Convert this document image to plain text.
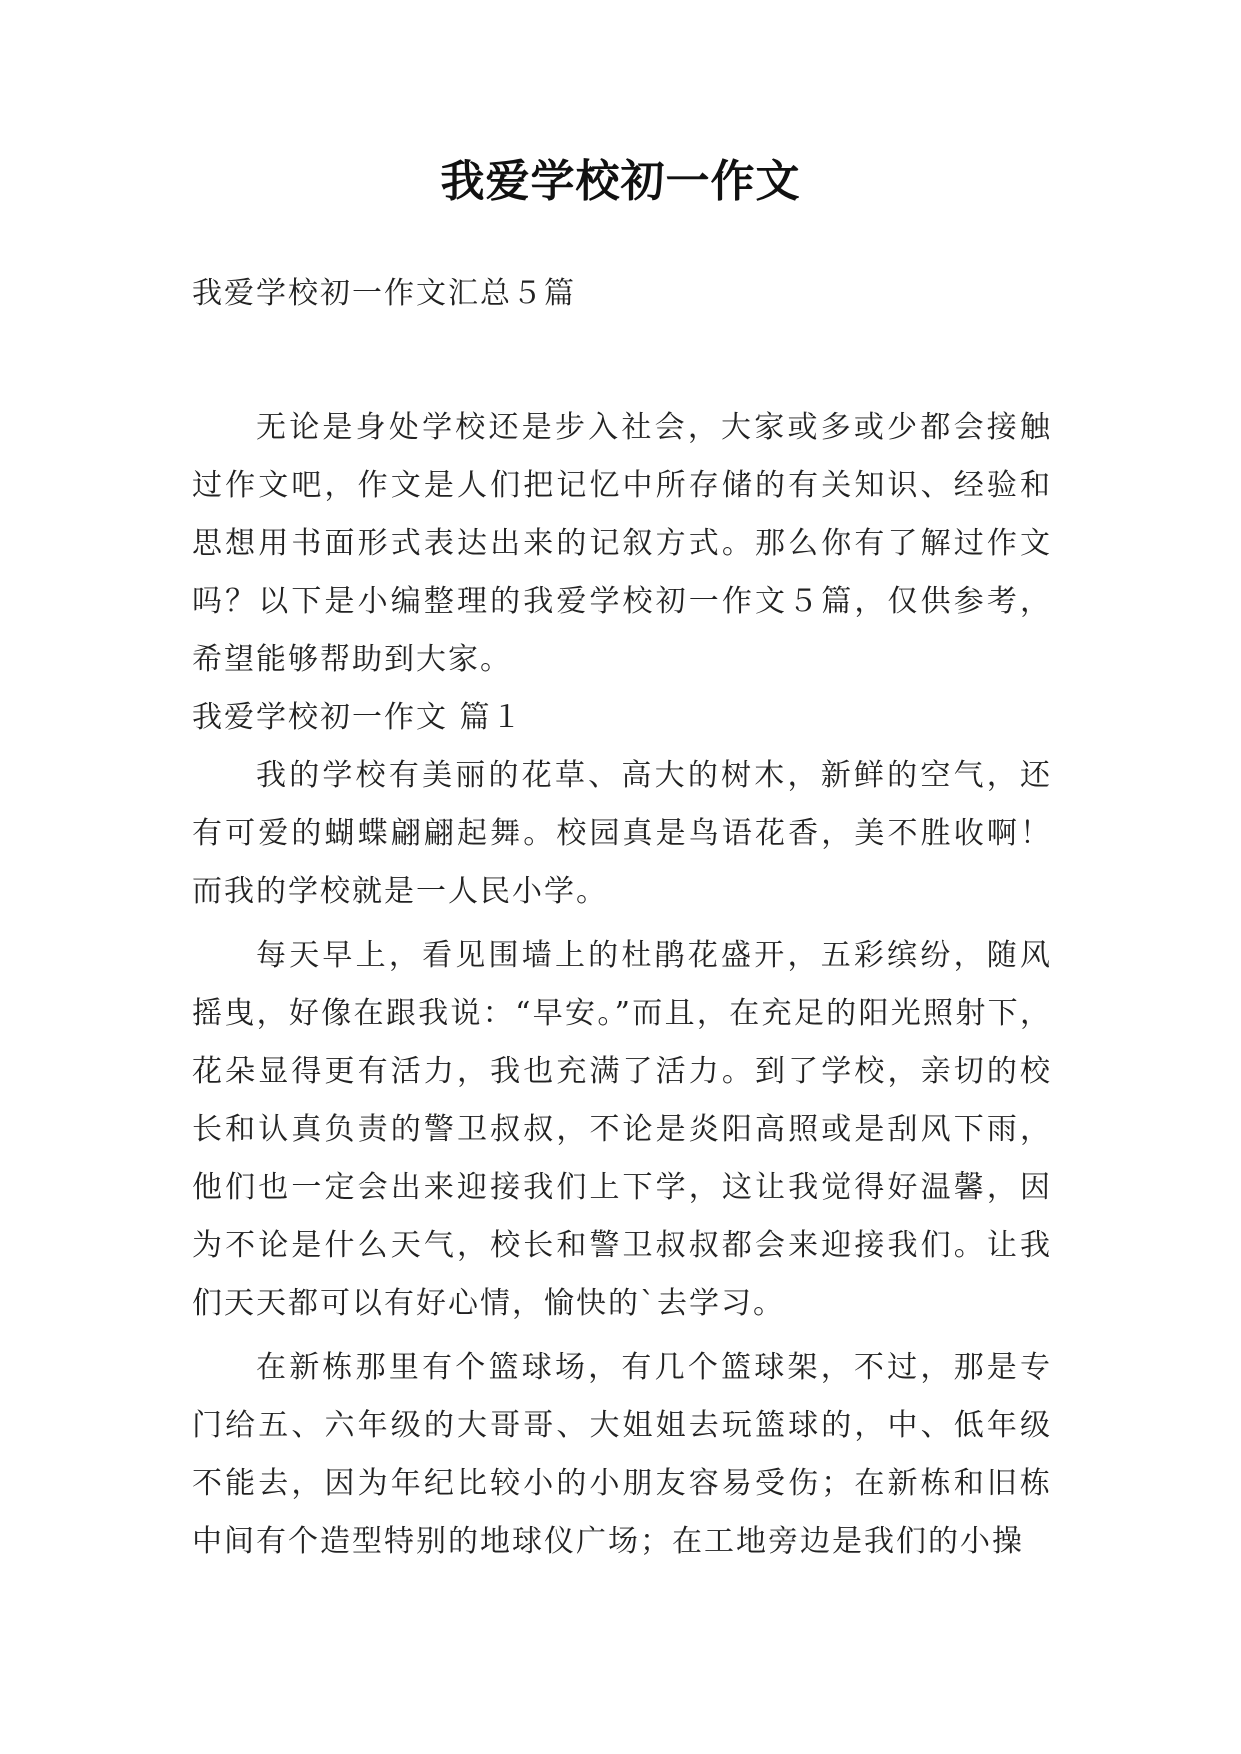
我爱学校初一作文

我爱学校初一作文汇总５篇

无论是身处学校还是步入社会，大家或多或少都会接触过作文吧，作文是人们把记忆中所存储的有关知识、经验和思想用书面形式表达出来的记叙方式。那么你有了解过作文吗？以下是小编整理的我爱学校初一作文５篇，仅供参考，希望能够帮助到大家。

我爱学校初一作文 篇１

我的学校有美丽的花草、高大的树木，新鲜的空气，还有可爱的蝴蝶翩翩起舞。校园真是鸟语花香，美不胜收啊！而我的学校就是一人民小学。

每天早上，看见围墙上的杜鹃花盛开，五彩缤纷，随风摇曳，好像在跟我说：“早安。”而且，在充足的阳光照射下，花朵显得更有活力，我也充满了活力。到了学校，亲切的校长和认真负责的警卫叔叔，不论是炎阳高照或是刮风下雨，他们也一定会出来迎接我们上下学，这让我觉得好温馨，因为不论是什么天气，校长和警卫叔叔都会来迎接我们。让我们天天都可以有好心情，愉快的`去学习。

在新栋那里有个篮球场，有几个篮球架，不过，那是专门给五、六年级的大哥哥、大姐姐去玩篮球的，中、低年级不能去，因为年纪比较小的小朋友容易受伤；在新栋和旧栋中间有个造型特别的地球仪广场；在工地旁边是我们的小操
